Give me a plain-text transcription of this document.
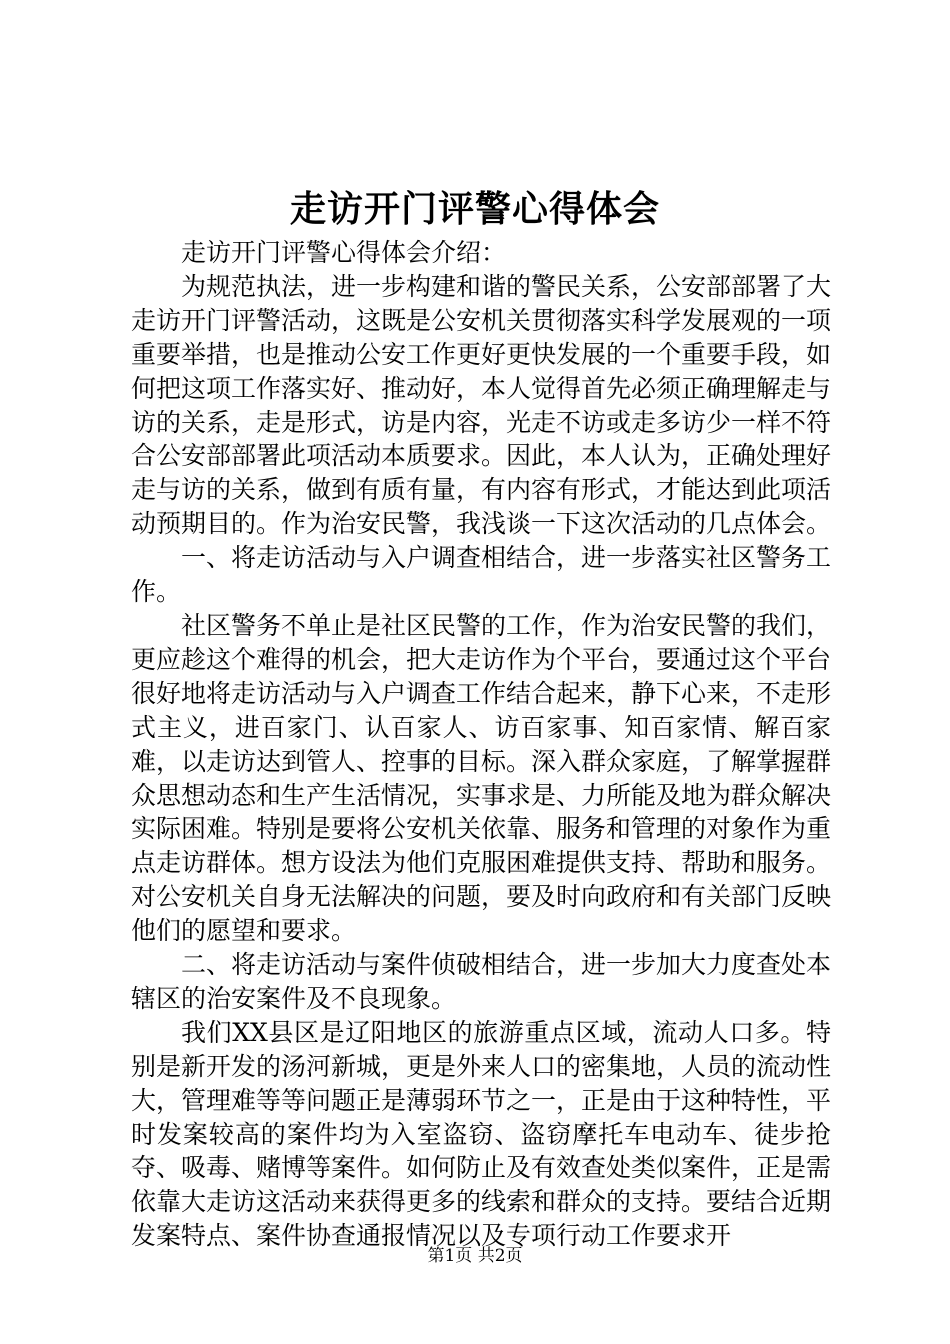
走访开门评警心得体会

走访开门评警心得体会介绍：

为规范执法，进一步构建和谐的警民关系，公安部部署了大走访开门评警活动，这既是公安机关贯彻落实科学发展观的一项重要举措，也是推动公安工作更好更快发展的一个重要手段，如何把这项工作落实好、推动好，本人觉得首先必须正确理解走与访的关系，走是形式，访是内容，光走不访或走多访少一样不符合公安部部署此项活动本质要求。因此，本人认为，正确处理好走与访的关系，做到有质有量，有内容有形式，才能达到此项活动预期目的。作为治安民警，我浅谈一下这次活动的几点体会。

一、将走访活动与入户调查相结合，进一步落实社区警务工作。

社区警务不单止是社区民警的工作，作为治安民警的我们，更应趁这个难得的机会，把大走访作为个平台，要通过这个平台很好地将走访活动与入户调查工作结合起来，静下心来，不走形式主义，进百家门、认百家人、访百家事、知百家情、解百家难，以走访达到管人、控事的目标。深入群众家庭，了解掌握群众思想动态和生产生活情况，实事求是、力所能及地为群众解决实际困难。特别是要将公安机关依靠、服务和管理的对象作为重点走访群体。想方设法为他们克服困难提供支持、帮助和服务。对公安机关自身无法解决的问题，要及时向政府和有关部门反映他们的愿望和要求。

二、将走访活动与案件侦破相结合，进一步加大力度查处本辖区的治安案件及不良现象。

我们XX县区是辽阳地区的旅游重点区域，流动人口多。特别是新开发的汤河新城，更是外来人口的密集地，人员的流动性大，管理难等等问题正是薄弱环节之一，正是由于这种特性，平时发案较高的案件均为入室盗窃、盗窃摩托车电动车、徒步抢夺、吸毒、赌博等案件。如何防止及有效查处类似案件，正是需依靠大走访这活动来获得更多的线索和群众的支持。要结合近期发案特点、案件协查通报情况以及专项行动工作要求开

第1页 共2页
